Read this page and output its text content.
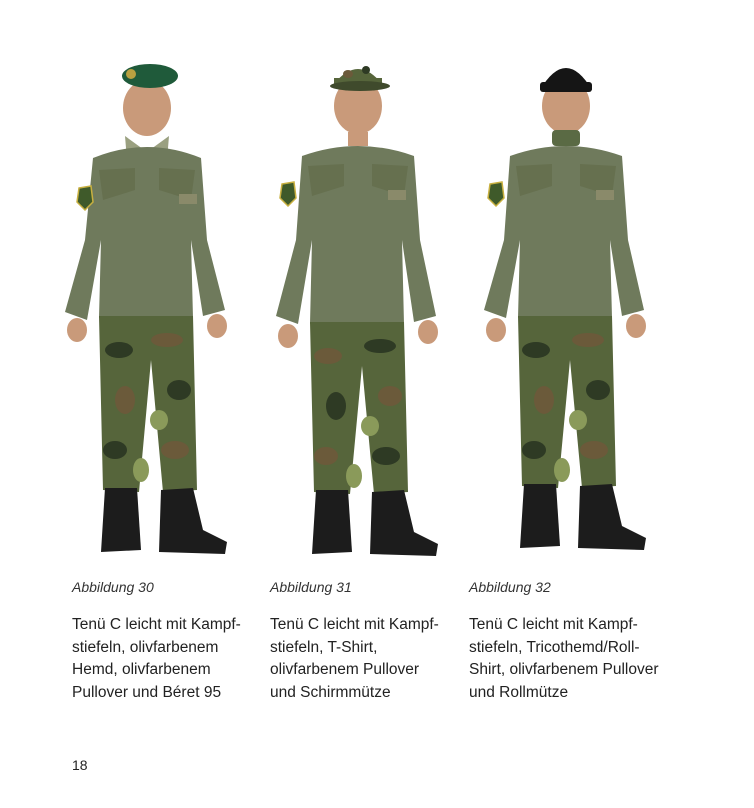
Abbildung 30
Tenü C leicht mit Kampf-
stiefeln, olivfarbenem
Hemd, olivfarbenem
Pullover und Béret 95
Abbildung 31
Tenü C leicht mit Kampf-
stiefeln, T-Shirt,
olivfarbenem Pullover
und Schirmmütze
Abbildung 32
Tenü C leicht mit Kampf-
stiefeln, Tricothemd/Roll-
Shirt, olivfarbenem Pullover
und Rollmütze
18
